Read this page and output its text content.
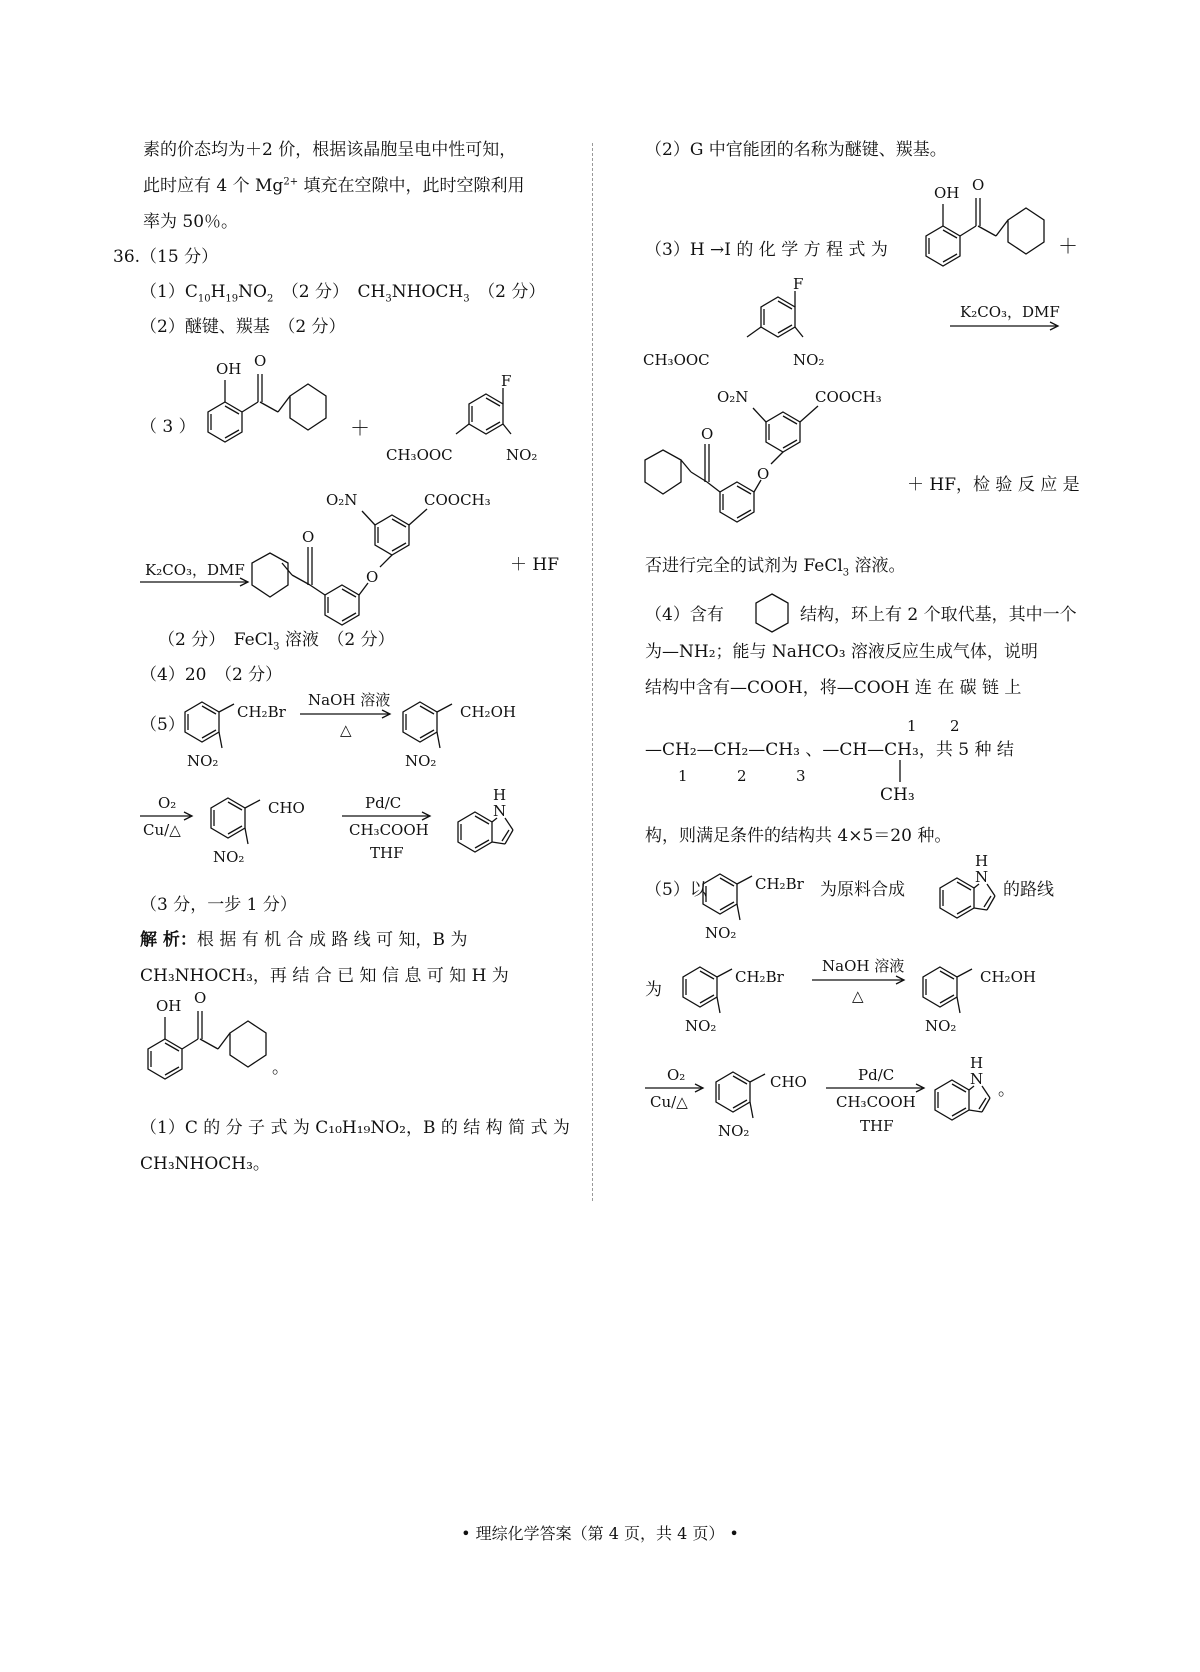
素的价态均为＋2 价，根据该晶胞呈电中性可知，
此时应有 4 个 $Mg^{2+}$ 填充在空隙中，此时空隙利用
率为 50％。
36.（15 分）
$(1)C_{10}H_{19}NO_2$　（2 分）　$CH_3NHOCH_3$　（2 分）
（2）醚键、羰基　（2 分）
（ 3 ）
OH O
＋
F
CH₃OOC	NO₂
K₂CO₃，DMF
O₂N	COOCH₃
O
O
＋ HF
（2 分）　FeCl$_3$ 溶液　（2 分）
（4）20　（2 分）
（5）
CH₂Br
NO₂
NaOH 溶液
△
CH₂OH
NO₂
O₂
Cu/△
CHO
NO₂
Pd/C
CH₃COOH
THF
H
N
（3 分，一步 1 分）
解 析：根 据 有 机 合 成 路 线 可 知，B 为
CH₃NHOCH₃，再 结 合 已 知 信 息 可 知 H 为
OH O
。
（1）C 的 分 子 式 为 C₁₀H₁₉NO₂，B 的 结 构 简 式 为
CH₃NHOCH₃。
（2）G 中官能团的名称为醚键、羰基。
OH O
（3）H →I 的 化 学 方 程 式 为	＋
F
CH₃OOC	NO₂
K₂CO₃，DMF
O₂N	COOCH₃
O
O
＋ HF，检 验 反 应 是
否进行完全的试剂为 FeCl$_3$ 溶液。
（4）含有	结构，环上有 2 个取代基，其中一个
为—NH₂；能与 NaHCO₃ 溶液反应生成气体，说明
结构中含有—COOH，将—COOH 连 在 碳 链 上
1 2
—CH₂—CH₂—CH₃ 、—CH—CH₃，共 5 种 结
1	2	3
CH₃
构，则满足条件的结构共 4×5＝20 种。
（5）以	CH₂Br
NO₂
为原料合成
H
N
的路线
为
CH₂Br
NO₂
NaOH 溶液
△
CH₂OH
NO₂
O₂
Cu/△
CHO
NO₂
Pd/C
CH₃COOH
THF
H
N
。
• 理综化学答案（第 4 页，共 4 页） •
